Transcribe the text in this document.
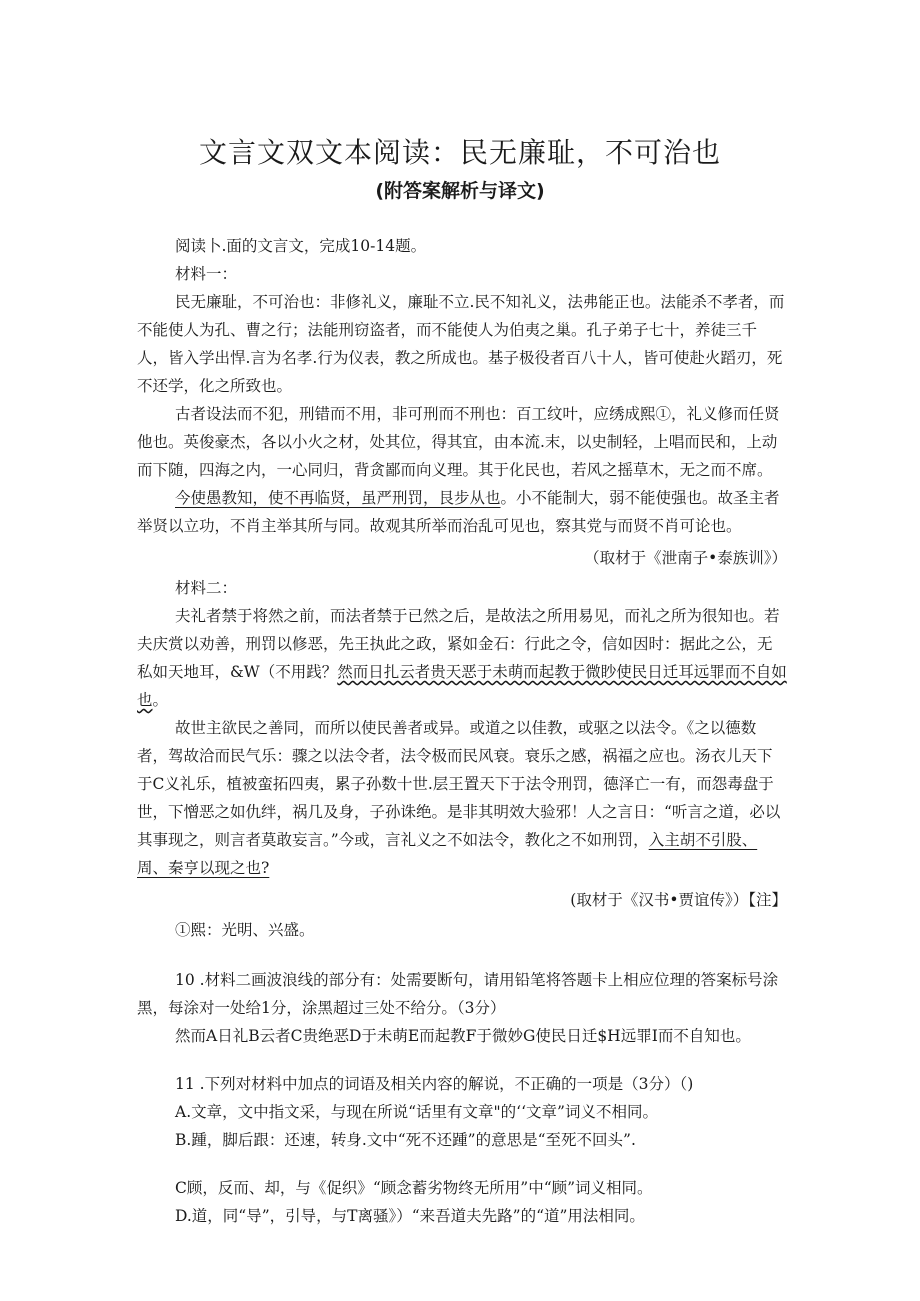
文言文双文本阅读：民无廉耻，不可治也
(附答案解析与译文)

阅读卜.面的文言文，完成10-14题。

材料一：

民无廉耻，不可治也：非修礼义，廉耻不立.民不知礼义，法弗能正也。法能杀不孝者，而不能使人为孔、曹之行；法能刑窃盗者，而不能使人为伯夷之巢。孔子弟子七十，养徒三千人，皆入学出悍.言为名孝.行为仪表，教之所成也。基子极役者百八十人，皆可使赴火蹈刃，死不还学，化之所致也。

古者设法而不犯，刑错而不用，非可刑而不刑也：百工纹叶，应绣成熙①，礼义修而任贤他也。英俊豪杰，各以小火之材，处其位，得其宜，由本流.末，以史制轻，上唱而民和，上动而下随，四海之内，一心同归，背贪鄙而向义理。其于化民也，若风之摇草木，无之而不席。

今使愚教知，使不再临贤，虽严刑罚，艮步从也。小不能制大，弱不能使强也。故圣主者举贤以立功，不肖主举其所与同。故观其所举而治乱可见也，察其党与而贤不肖可论也。

（取材于《泄南子•泰族训》）

材料二：

夫礼者禁于将然之前，而法者禁于已然之后，是故法之所用易见，而礼之所为很知也。若夫庆赏以劝善，刑罚以修恶，先王执此之政，紧如金石：行此之令，信如因时：据此之公，无私如天地耳，&W（不用践？然而日扎云者贵天恶于未萌而起教于微眇使民日迁耳远罪而不自如也。

故世主欲民之善同，而所以使民善者或异。或道之以佳教，或驱之以法令。《之以德数者，驾故洽而民气乐：骤之以法令者，法令极而民风衰。衰乐之感，祸福之应也。汤衣儿天下于C义礼乐，植被蛮拓四夷，累子孙数十世.层王置天下于法令刑罚，德泽亡一有，而怨毒盘于世，下憎恶之如仇绊，祸几及身，子孙诛绝。是非其明效大验邪！人之言日：“听言之道，必以其事现之，则言者莫敢妄言。”今或，言礼义之不如法令，教化之不如刑罚，入主胡不引股、周、秦亨以现之也?

(取材于《汉书•贾谊传》）【注】

①熙：光明、兴盛。

10 .材料二画波浪线的部分有：处需要断句，请用铅笔将答题卡上相应位理的答案标号涂黑，每涂对一处给1分，涂黑超过三处不给分。（3分）

然而A日礼B云者C贵绝恶D于未萌E而起教F于微妙G使民日迁$H远罪I而不自知也。

11 .下列对材料中加点的词语及相关内容的解说，不正确的一项是（3分）（)

A.文章，文中指文采，与现在所说“话里有文章"的‘‘文章”词义不相同。

B.踵，脚后跟：还速，转身.文中“死不还踵”的意思是“至死不回头”.

C顾，反而、却，与《促织》“顾念蓄劣物终无所用”中“顾”词义相同。

D.道，同“导”，引导，与T离骚》）“来吾道夫先路”的“道”用法相同。
